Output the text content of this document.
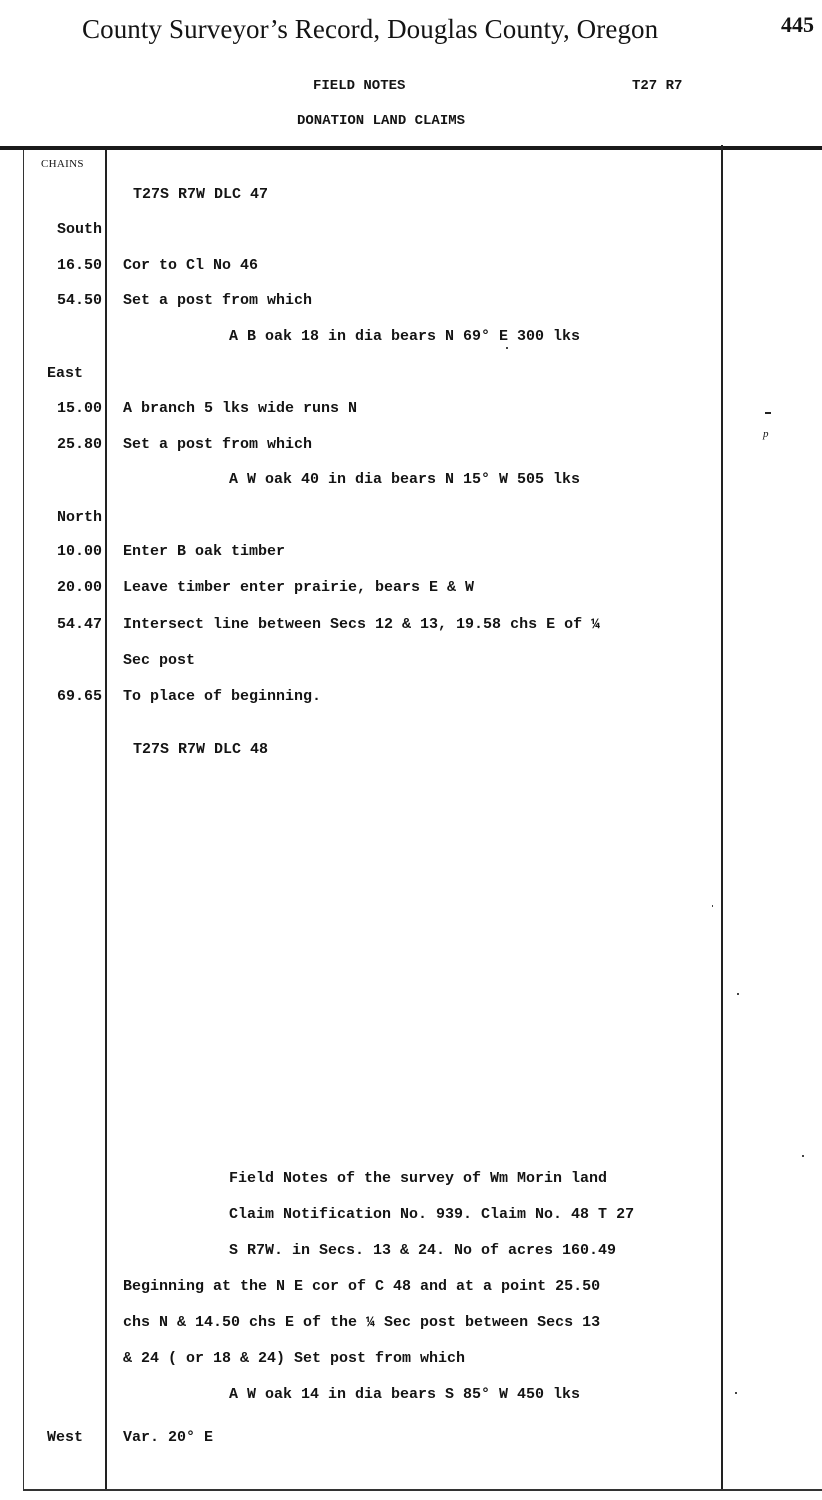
County Surveyor’s Record, Douglas County, Oregon	445
FIELD NOTES	T27 R7
DONATION LAND CLAIMS
CHAINS
T27S R7W DLC 47
South
16.50 Cor to Cl No 46
54.50 Set a post from which
A B oak 18 in dia bears N 69° E 300 lks
East
15.00 A branch 5 lks wide runs N
25.80 Set a post from which
A W oak 40 in dia bears N 15° W 505 lks
North
10.00 Enter B oak timber
20.00 Leave timber enter prairie, bears E & W
54.47 Intersect line between Secs 12 & 13, 19.58 chs E of ¼
Sec post
69.65 To place of beginning.
T27S R7W DLC 48
Field Notes of the survey of Wm Morin land
Claim Notification No. 939. Claim No. 48 T 27
S R7W. in Secs. 13 & 24. No of acres 160.49
Beginning at the N E cor of C 48 and at a point 25.50
chs N & 14.50 chs E of the ¼ Sec post between Secs 13
& 24 ( or 18 & 24) Set post from which
A W oak 14 in dia bears S 85° W 450 lks
West	Var. 20° E
p
